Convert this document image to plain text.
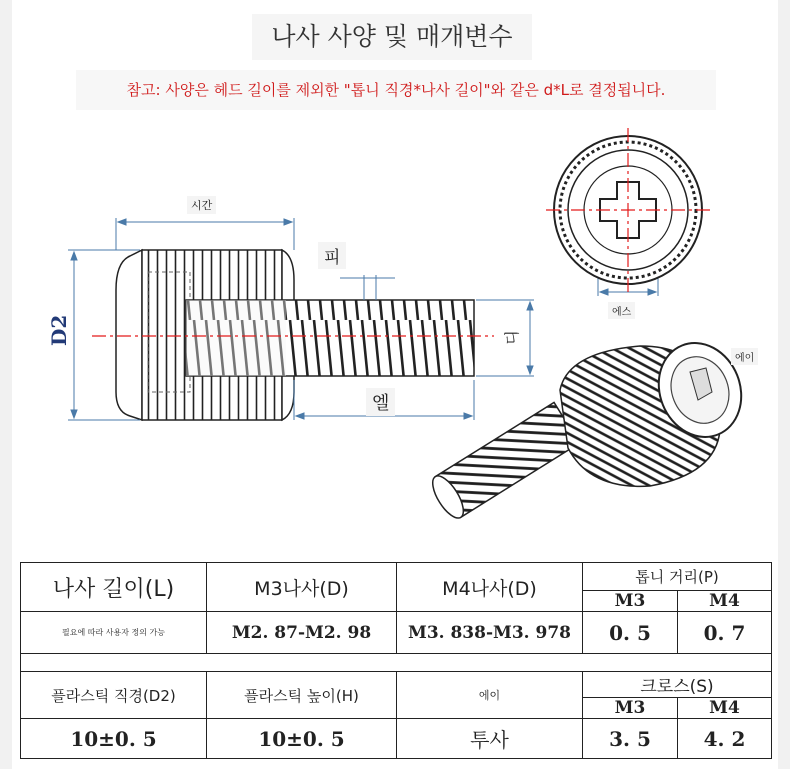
나사 사양 및 매개변수
참고: 사양은 헤드 길이를 제외한 "톱니 직경*나사 길이"와 같은 d*L로 결정됩니다.
시간
피
D2	디
엘
에스
에이
나사 길이(L)	M3나사(D)	M4나사(D)	톱니 거리(P)	
			M3	M4
필요에 따라 사용자 정의 가능	M2. 87-M2. 98	M3. 838-M3. 978	0. 5	0. 7

플라스틱 직경(D2)	플라스틱 높이(H)	에이	크로스(S)	
			M3	M4
10±0. 5	10±0. 5	투사	3. 5	4. 2
